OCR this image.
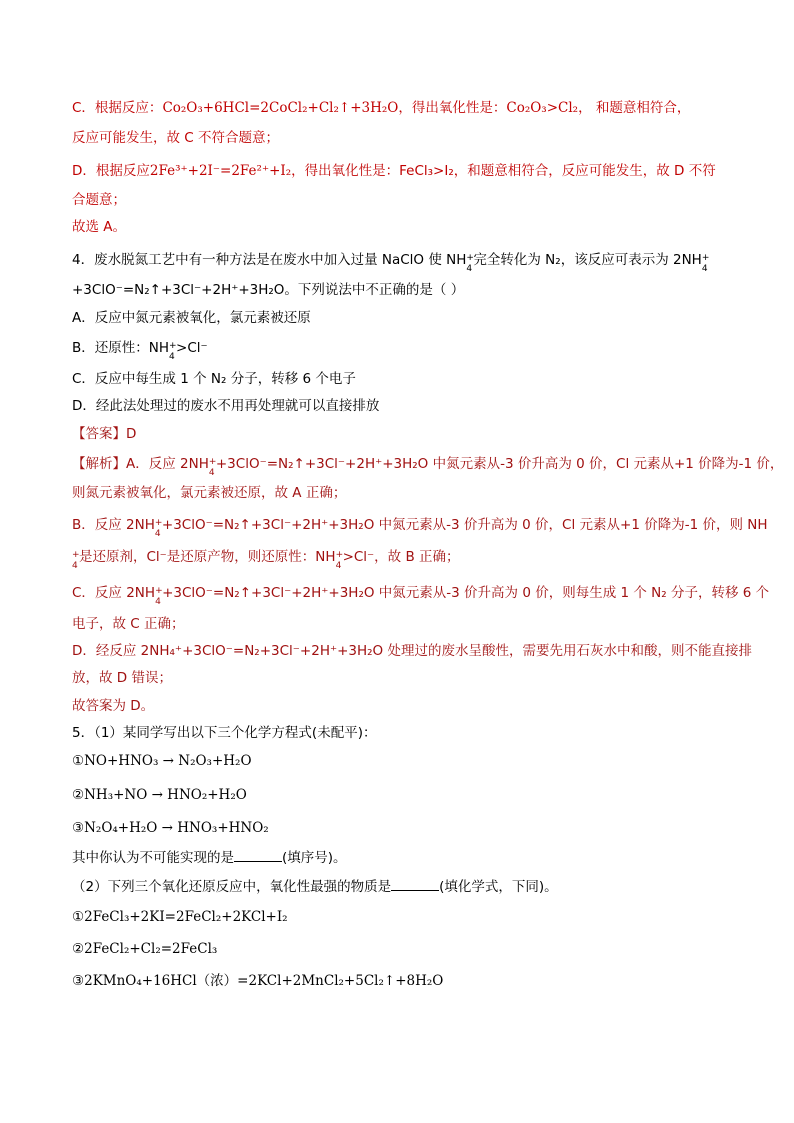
C．根据反应：Co₂O₃+6HCl=2CoCl₂+Cl₂↑+3H₂O，得出氧化性是：Co₂O₃>Cl₂， 和题意相符合，
反应可能发生，故 C 不符合题意；
D．根据反应2Fe³⁺+2I⁻=2Fe²⁺+I₂，得出氧化性是：FeCl₃>I₂，和题意相符合，反应可能发生，故 D 不符
合题意；
故选 A。
4．废水脱氮工艺中有一种方法是在废水中加入过量 NaClO 使 NH +
4
完全转化为 N₂，该反应可表示为 2NH +
4
+3ClO⁻=N₂↑+3Cl⁻+2H⁺+3H₂O。下列说法中不正确的是（ ）
A．反应中氮元素被氧化，氯元素被还原
B．还原性：NH +
4
>Cl⁻
C．反应中每生成 1 个 N₂ 分子，转移 6 个电子
D．经此法处理过的废水不用再处理就可以直接排放
【答案】D
【解析】A．反应 2NH +
4
+3ClO⁻=N₂↑+3Cl⁻+2H⁺+3H₂O 中氮元素从-3 价升高为 0 价，Cl 元素从+1 价降为-1 价，
则氮元素被氧化，氯元素被还原，故 A 正确；
B．反应 2NH +
4
+3ClO⁻=N₂↑+3Cl⁻+2H⁺+3H₂O 中氮元素从-3 价升高为 0 价，Cl 元素从+1 价降为-1 价，则 NH
+
4
是还原剂，Cl⁻是还原产物，则还原性：NH +
4
>Cl⁻，故 B 正确；
C．反应 2NH +
4
+3ClO⁻=N₂↑+3Cl⁻+2H⁺+3H₂O 中氮元素从-3 价升高为 0 价，则每生成 1 个 N₂ 分子，转移 6 个
电子，故 C 正确；
D．经反应 2NH₄⁺+3ClO⁻=N₂+3Cl⁻+2H⁺+3H₂O 处理过的废水呈酸性，需要先用石灰水中和酸，则不能直接排
放，故 D 错误；
故答案为 D。
5．（1）某同学写出以下三个化学方程式(未配平)：
①NO+HNO₃ → N₂O₃+H₂O
②NH₃+NO → HNO₂+H₂O
③N₂O₄+H₂O → HNO₃+HNO₂
其中你认为不可能实现的是	(填序号)。
（2）下列三个氧化还原反应中，氧化性最强的物质是	(填化学式，下同)。
①2FeCl₃+2KI=2FeCl₂+2KCl+I₂
②2FeCl₂+Cl₂=2FeCl₃
③2KMnO₄+16HCl（浓）=2KCl+2MnCl₂+5Cl₂↑+8H₂O
